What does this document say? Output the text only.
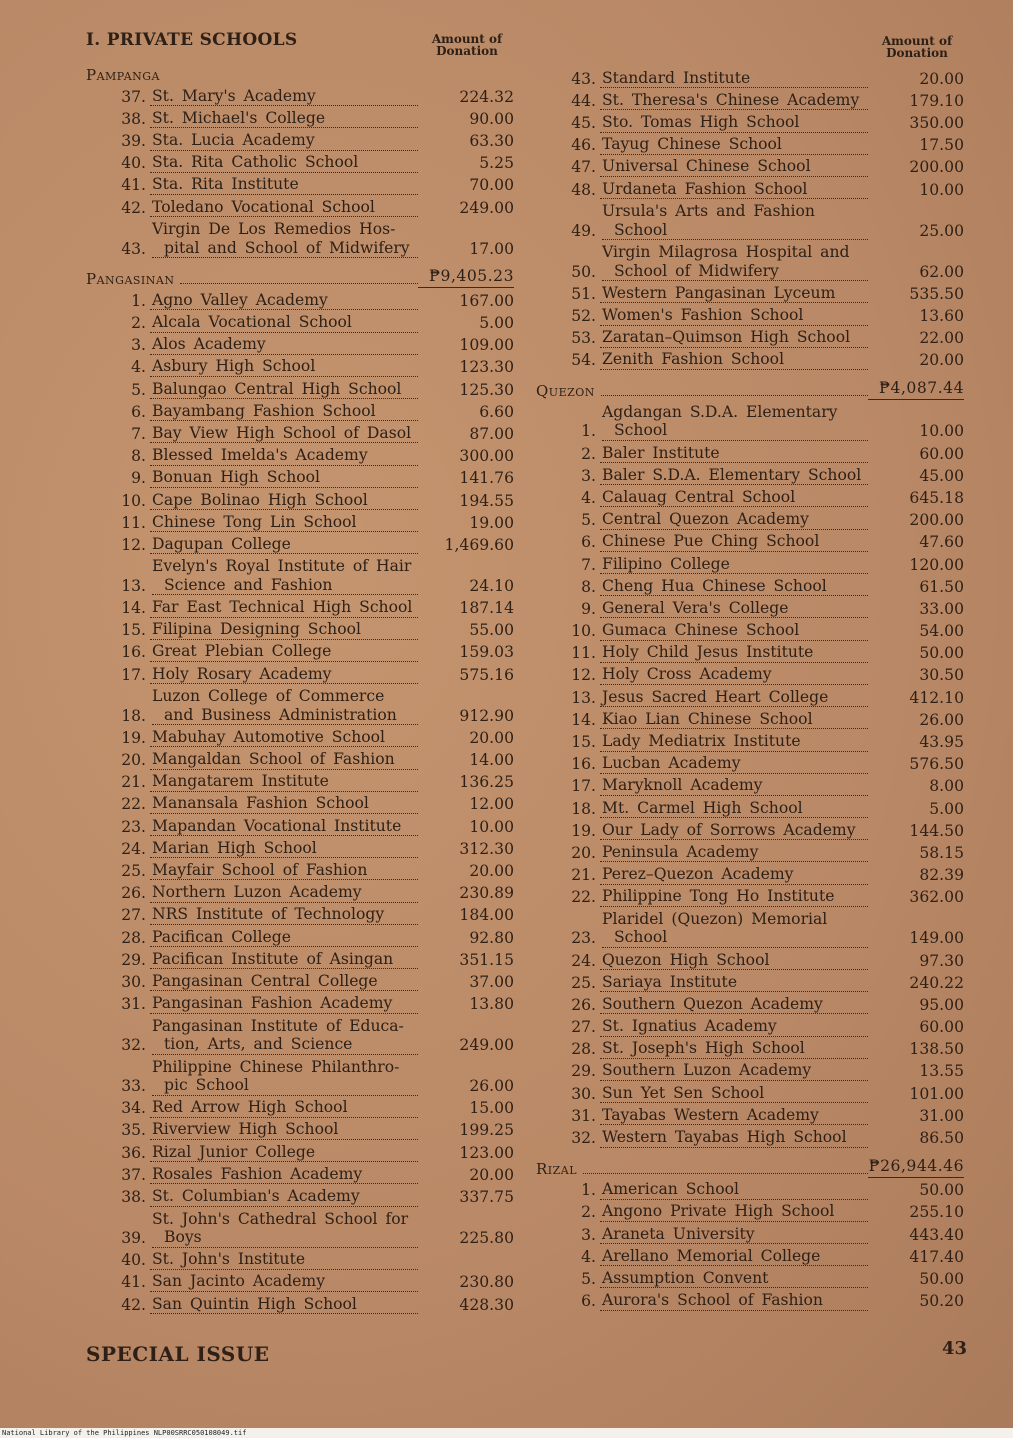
I. PRIVATE SCHOOLS	Amount of
Donation
Pampanga
37. St. Mary's Academy	224.32
38. St. Michael's College	90.00
39. Sta. Lucia Academy	63.30
40. Sta. Rita Catholic School	5.25
41. Sta. Rita Institute	70.00
42. Toledano Vocational School	249.00
43.
Virgin De Los Remedios Hos-
pital and School of Midwifery	17.00
Pangasinan	₱9,405.23
1. Agno Valley Academy	167.00
2. Alcala Vocational School	5.00
3. Alos Academy	109.00
4. Asbury High School	123.30
5. Balungao Central High School	125.30
6. Bayambang Fashion School	6.60
7. Bay View High School of Dasol	87.00
8. Blessed Imelda's Academy	300.00
9. Bonuan High School	141.76
10. Cape Bolinao High School	194.55
11. Chinese Tong Lin School	19.00
12. Dagupan College	1,469.60
13.
Evelyn's Royal Institute of Hair
Science and Fashion	24.10
14. Far East Technical High School	187.14
15. Filipina Designing School	55.00
16. Great Plebian College	159.03
17. Holy Rosary Academy	575.16
18.
Luzon College of Commerce
and Business Administration	912.90
19. Mabuhay Automotive School	20.00
20. Mangaldan School of Fashion	14.00
21. Mangatarem Institute	136.25
22. Manansala Fashion School	12.00
23. Mapandan Vocational Institute	10.00
24. Marian High School	312.30
25. Mayfair School of Fashion	20.00
26. Northern Luzon Academy	230.89
27. NRS Institute of Technology	184.00
28. Pacifican College	92.80
29. Pacifican Institute of Asingan	351.15
30. Pangasinan Central College	37.00
31. Pangasinan Fashion Academy	13.80
32.
Pangasinan Institute of Educa-
tion, Arts, and Science	249.00
33.
Philippine Chinese Philanthro-
pic School	26.00
34. Red Arrow High School	15.00
35. Riverview High School	199.25
36. Rizal Junior College	123.00
37. Rosales Fashion Academy	20.00
38. St. Columbian's Academy	337.75
39.
St. John's Cathedral School for
Boys	225.80
40. St. John's Institute
41. San Jacinto Academy	230.80
42. San Quintin High School	428.30
Amount of
Donation
43. Standard Institute	20.00
44. St. Theresa's Chinese Academy	179.10
45. Sto. Tomas High School	350.00
46. Tayug Chinese School	17.50
47. Universal Chinese School	200.00
48. Urdaneta Fashion School	10.00
49.
Ursula's Arts and Fashion
School	25.00
50.
Virgin Milagrosa Hospital and
School of Midwifery	62.00
51. Western Pangasinan Lyceum	535.50
52. Women's Fashion School	13.60
53. Zaratan–Quimson High School	22.00
54. Zenith Fashion School	20.00
Quezon	₱4,087.44
1.
Agdangan S.D.A. Elementary
School	10.00
2. Baler Institute	60.00
3. Baler S.D.A. Elementary School	45.00
4. Calauag Central School	645.18
5. Central Quezon Academy	200.00
6. Chinese Pue Ching School	47.60
7. Filipino College	120.00
8. Cheng Hua Chinese School	61.50
9. General Vera's College	33.00
10. Gumaca Chinese School	54.00
11. Holy Child Jesus Institute	50.00
12. Holy Cross Academy	30.50
13. Jesus Sacred Heart College	412.10
14. Kiao Lian Chinese School	26.00
15. Lady Mediatrix Institute	43.95
16. Lucban Academy	576.50
17. Maryknoll Academy	8.00
18. Mt. Carmel High School	5.00
19. Our Lady of Sorrows Academy	144.50
20. Peninsula Academy	58.15
21. Perez–Quezon Academy	82.39
22. Philippine Tong Ho Institute	362.00
23.
Plaridel (Quezon) Memorial
School	149.00
24. Quezon High School	97.30
25. Sariaya Institute	240.22
26. Southern Quezon Academy	95.00
27. St. Ignatius Academy	60.00
28. St. Joseph's High School	138.50
29. Southern Luzon Academy	13.55
30. Sun Yet Sen School	101.00
31. Tayabas Western Academy	31.00
32. Western Tayabas High School	86.50
Rizal	₱26,944.46
1. American School	50.00
2. Angono Private High School	255.10
3. Araneta University	443.40
4. Arellano Memorial College	417.40
5. Assumption Convent	50.00
6. Aurora's School of Fashion	50.20
SPECIAL ISSUE	43
National Library of the Philippines NLP00SRRC050108049.tif
